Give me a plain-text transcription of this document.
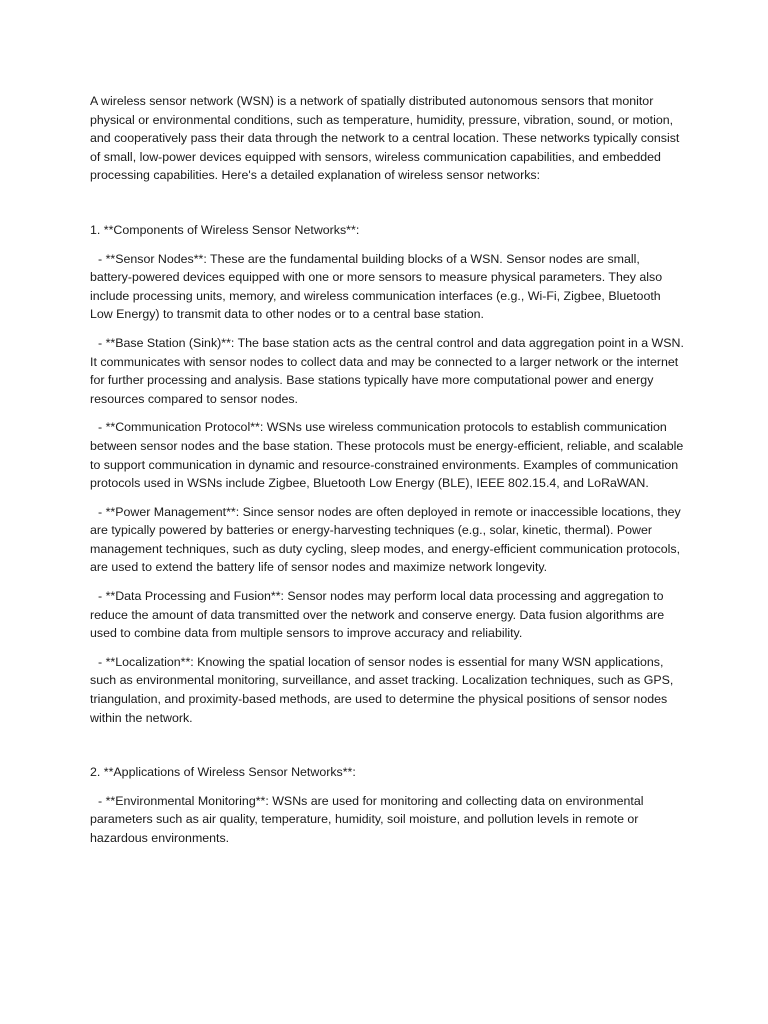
A wireless sensor network (WSN) is a network of spatially distributed autonomous sensors that monitor physical or environmental conditions, such as temperature, humidity, pressure, vibration, sound, or motion, and cooperatively pass their data through the network to a central location. These networks typically consist of small, low-power devices equipped with sensors, wireless communication capabilities, and embedded processing capabilities. Here's a detailed explanation of wireless sensor networks:

1. **Components of Wireless Sensor Networks**:

- **Sensor Nodes**: These are the fundamental building blocks of a WSN. Sensor nodes are small, battery-powered devices equipped with one or more sensors to measure physical parameters. They also include processing units, memory, and wireless communication interfaces (e.g., Wi-Fi, Zigbee, Bluetooth Low Energy) to transmit data to other nodes or to a central base station.

- **Base Station (Sink)**: The base station acts as the central control and data aggregation point in a WSN. It communicates with sensor nodes to collect data and may be connected to a larger network or the internet for further processing and analysis. Base stations typically have more computational power and energy resources compared to sensor nodes.

- **Communication Protocol**: WSNs use wireless communication protocols to establish communication between sensor nodes and the base station. These protocols must be energy-efficient, reliable, and scalable to support communication in dynamic and resource-constrained environments. Examples of communication protocols used in WSNs include Zigbee, Bluetooth Low Energy (BLE), IEEE 802.15.4, and LoRaWAN.

- **Power Management**: Since sensor nodes are often deployed in remote or inaccessible locations, they are typically powered by batteries or energy-harvesting techniques (e.g., solar, kinetic, thermal). Power management techniques, such as duty cycling, sleep modes, and energy-efficient communication protocols, are used to extend the battery life of sensor nodes and maximize network longevity.

- **Data Processing and Fusion**: Sensor nodes may perform local data processing and aggregation to reduce the amount of data transmitted over the network and conserve energy. Data fusion algorithms are used to combine data from multiple sensors to improve accuracy and reliability.

- **Localization**: Knowing the spatial location of sensor nodes is essential for many WSN applications, such as environmental monitoring, surveillance, and asset tracking. Localization techniques, such as GPS, triangulation, and proximity-based methods, are used to determine the physical positions of sensor nodes within the network.

2. **Applications of Wireless Sensor Networks**:

- **Environmental Monitoring**: WSNs are used for monitoring and collecting data on environmental parameters such as air quality, temperature, humidity, soil moisture, and pollution levels in remote or hazardous environments.
